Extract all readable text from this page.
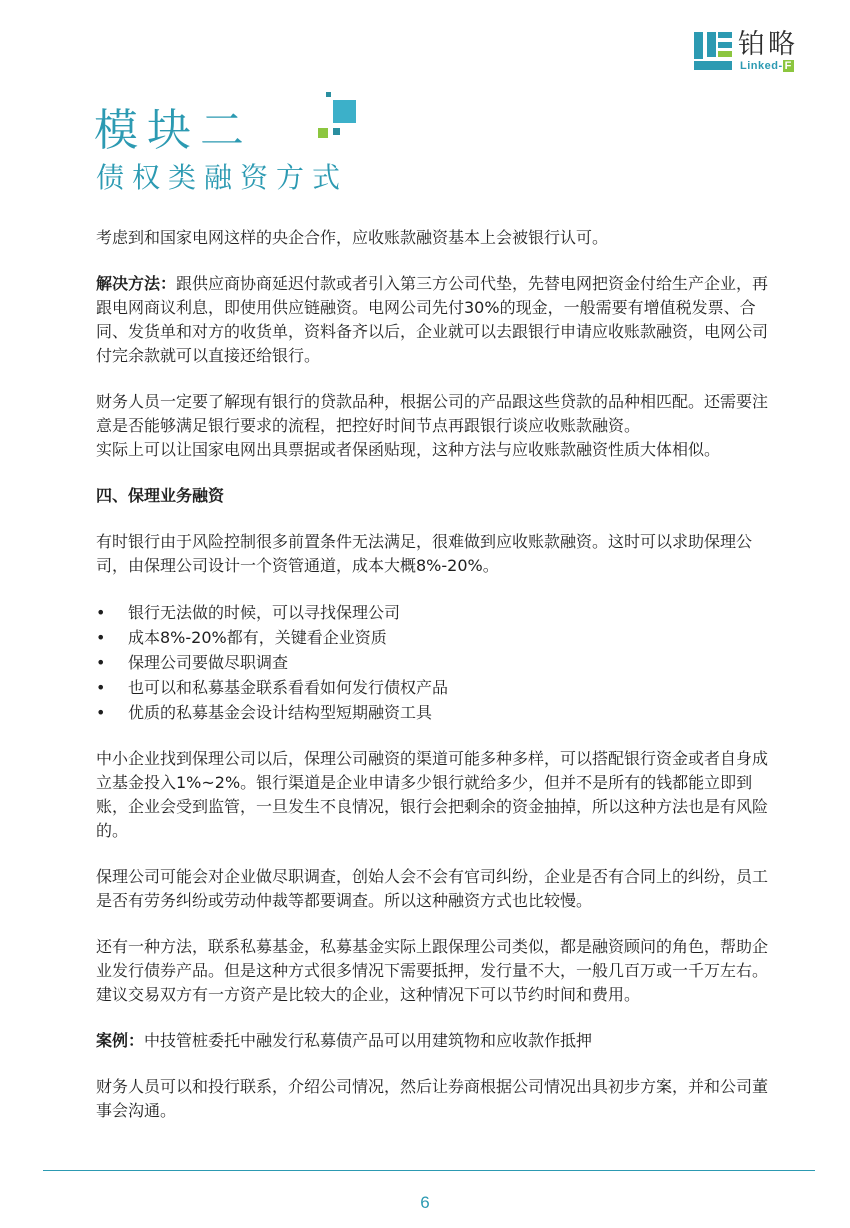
铂略
Linked- F
模块二
债权类融资方式

考虑到和国家电网这样的央企合作，应收账款融资基本上会被银行认可。

解决方法：跟供应商协商延迟付款或者引入第三方公司代垫，先替电网把资金付给生产企业，再跟电网商议利息，即使用供应链融资。电网公司先付30%的现金，一般需要有增值税发票、合同、发货单和对方的收货单，资料备齐以后，企业就可以去跟银行申请应收账款融资，电网公司付完余款就可以直接还给银行。

财务人员一定要了解现有银行的贷款品种，根据公司的产品跟这些贷款的品种相匹配。还需要注意是否能够满足银行要求的流程，把控好时间节点再跟银行谈应收账款融资。

实际上可以让国家电网出具票据或者保函贴现，这种方法与应收账款融资性质大体相似。

四、保理业务融资

有时银行由于风险控制很多前置条件无法满足，很难做到应收账款融资。这时可以求助保理公司，由保理公司设计一个资管通道，成本大概8%-20%。

• 银行无法做的时候，可以寻找保理公司
• 成本8%-20%都有，关键看企业资质
• 保理公司要做尽职调查
• 也可以和私募基金联系看看如何发行债权产品
• 优质的私募基金会设计结构型短期融资工具

中小企业找到保理公司以后，保理公司融资的渠道可能多种多样，可以搭配银行资金或者自身成立基金投入1%~2%。银行渠道是企业申请多少银行就给多少，但并不是所有的钱都能立即到账，企业会受到监管，一旦发生不良情况，银行会把剩余的资金抽掉，所以这种方法也是有风险的。

保理公司可能会对企业做尽职调查，创始人会不会有官司纠纷，企业是否有合同上的纠纷，员工是否有劳务纠纷或劳动仲裁等都要调查。所以这种融资方式也比较慢。

还有一种方法，联系私募基金，私募基金实际上跟保理公司类似，都是融资顾问的角色，帮助企业发行债券产品。但是这种方式很多情况下需要抵押，发行量不大，一般几百万或一千万左右。建议交易双方有一方资产是比较大的企业，这种情况下可以节约时间和费用。

案例：中技管桩委托中融发行私募债产品可以用建筑物和应收款作抵押

财务人员可以和投行联系，介绍公司情况，然后让券商根据公司情况出具初步方案，并和公司董事会沟通。

6
